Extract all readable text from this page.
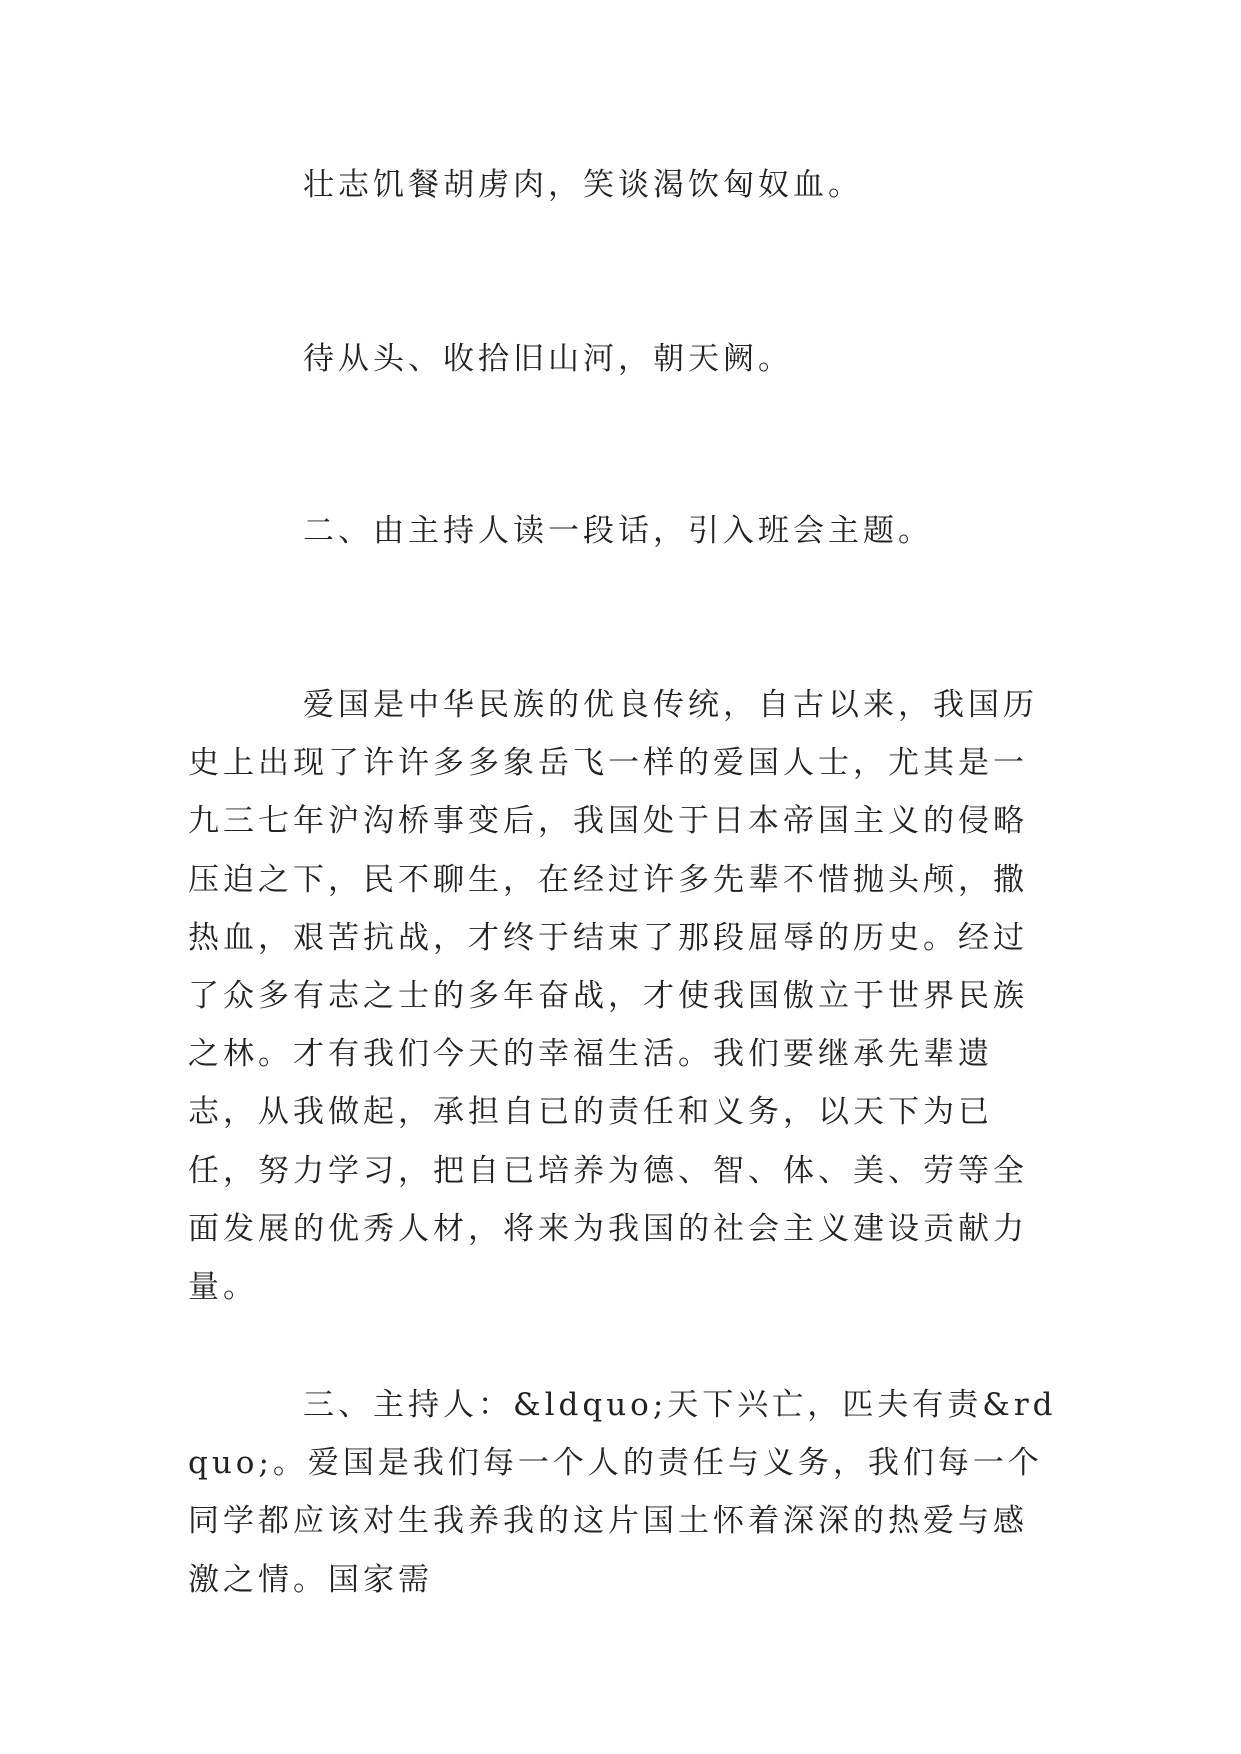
壮志饥餐胡虏肉，笑谈渴饮匈奴血。

待从头、收拾旧山河，朝天阙。

二、由主持人读一段话，引入班会主题。

爱国是中华民族的优良传统，自古以来，我国历史上出现了许许多多象岳飞一样的爱国人士，尤其是一九三七年沪沟桥事变后，我国处于日本帝国主义的侵略压迫之下，民不聊生，在经过许多先辈不惜抛头颅，撒热血，艰苦抗战，才终于结束了那段屈辱的历史。经过了众多有志之士的多年奋战，才使我国傲立于世界民族之林。才有我们今天的幸福生活。我们要继承先辈遗志，从我做起，承担自已的责任和义务，以天下为已任，努力学习，把自已培养为德、智、体、美、劳等全面发展的优秀人材，将来为我国的社会主义建设贡献力量。

三、主持人：&ldquo;天下兴亡，匹夫有责&rdquo;。爱国是我们每一个人的责任与义务，我们每一个同学都应该对生我养我的这片国土怀着深深的热爱与感激之情。国家需
